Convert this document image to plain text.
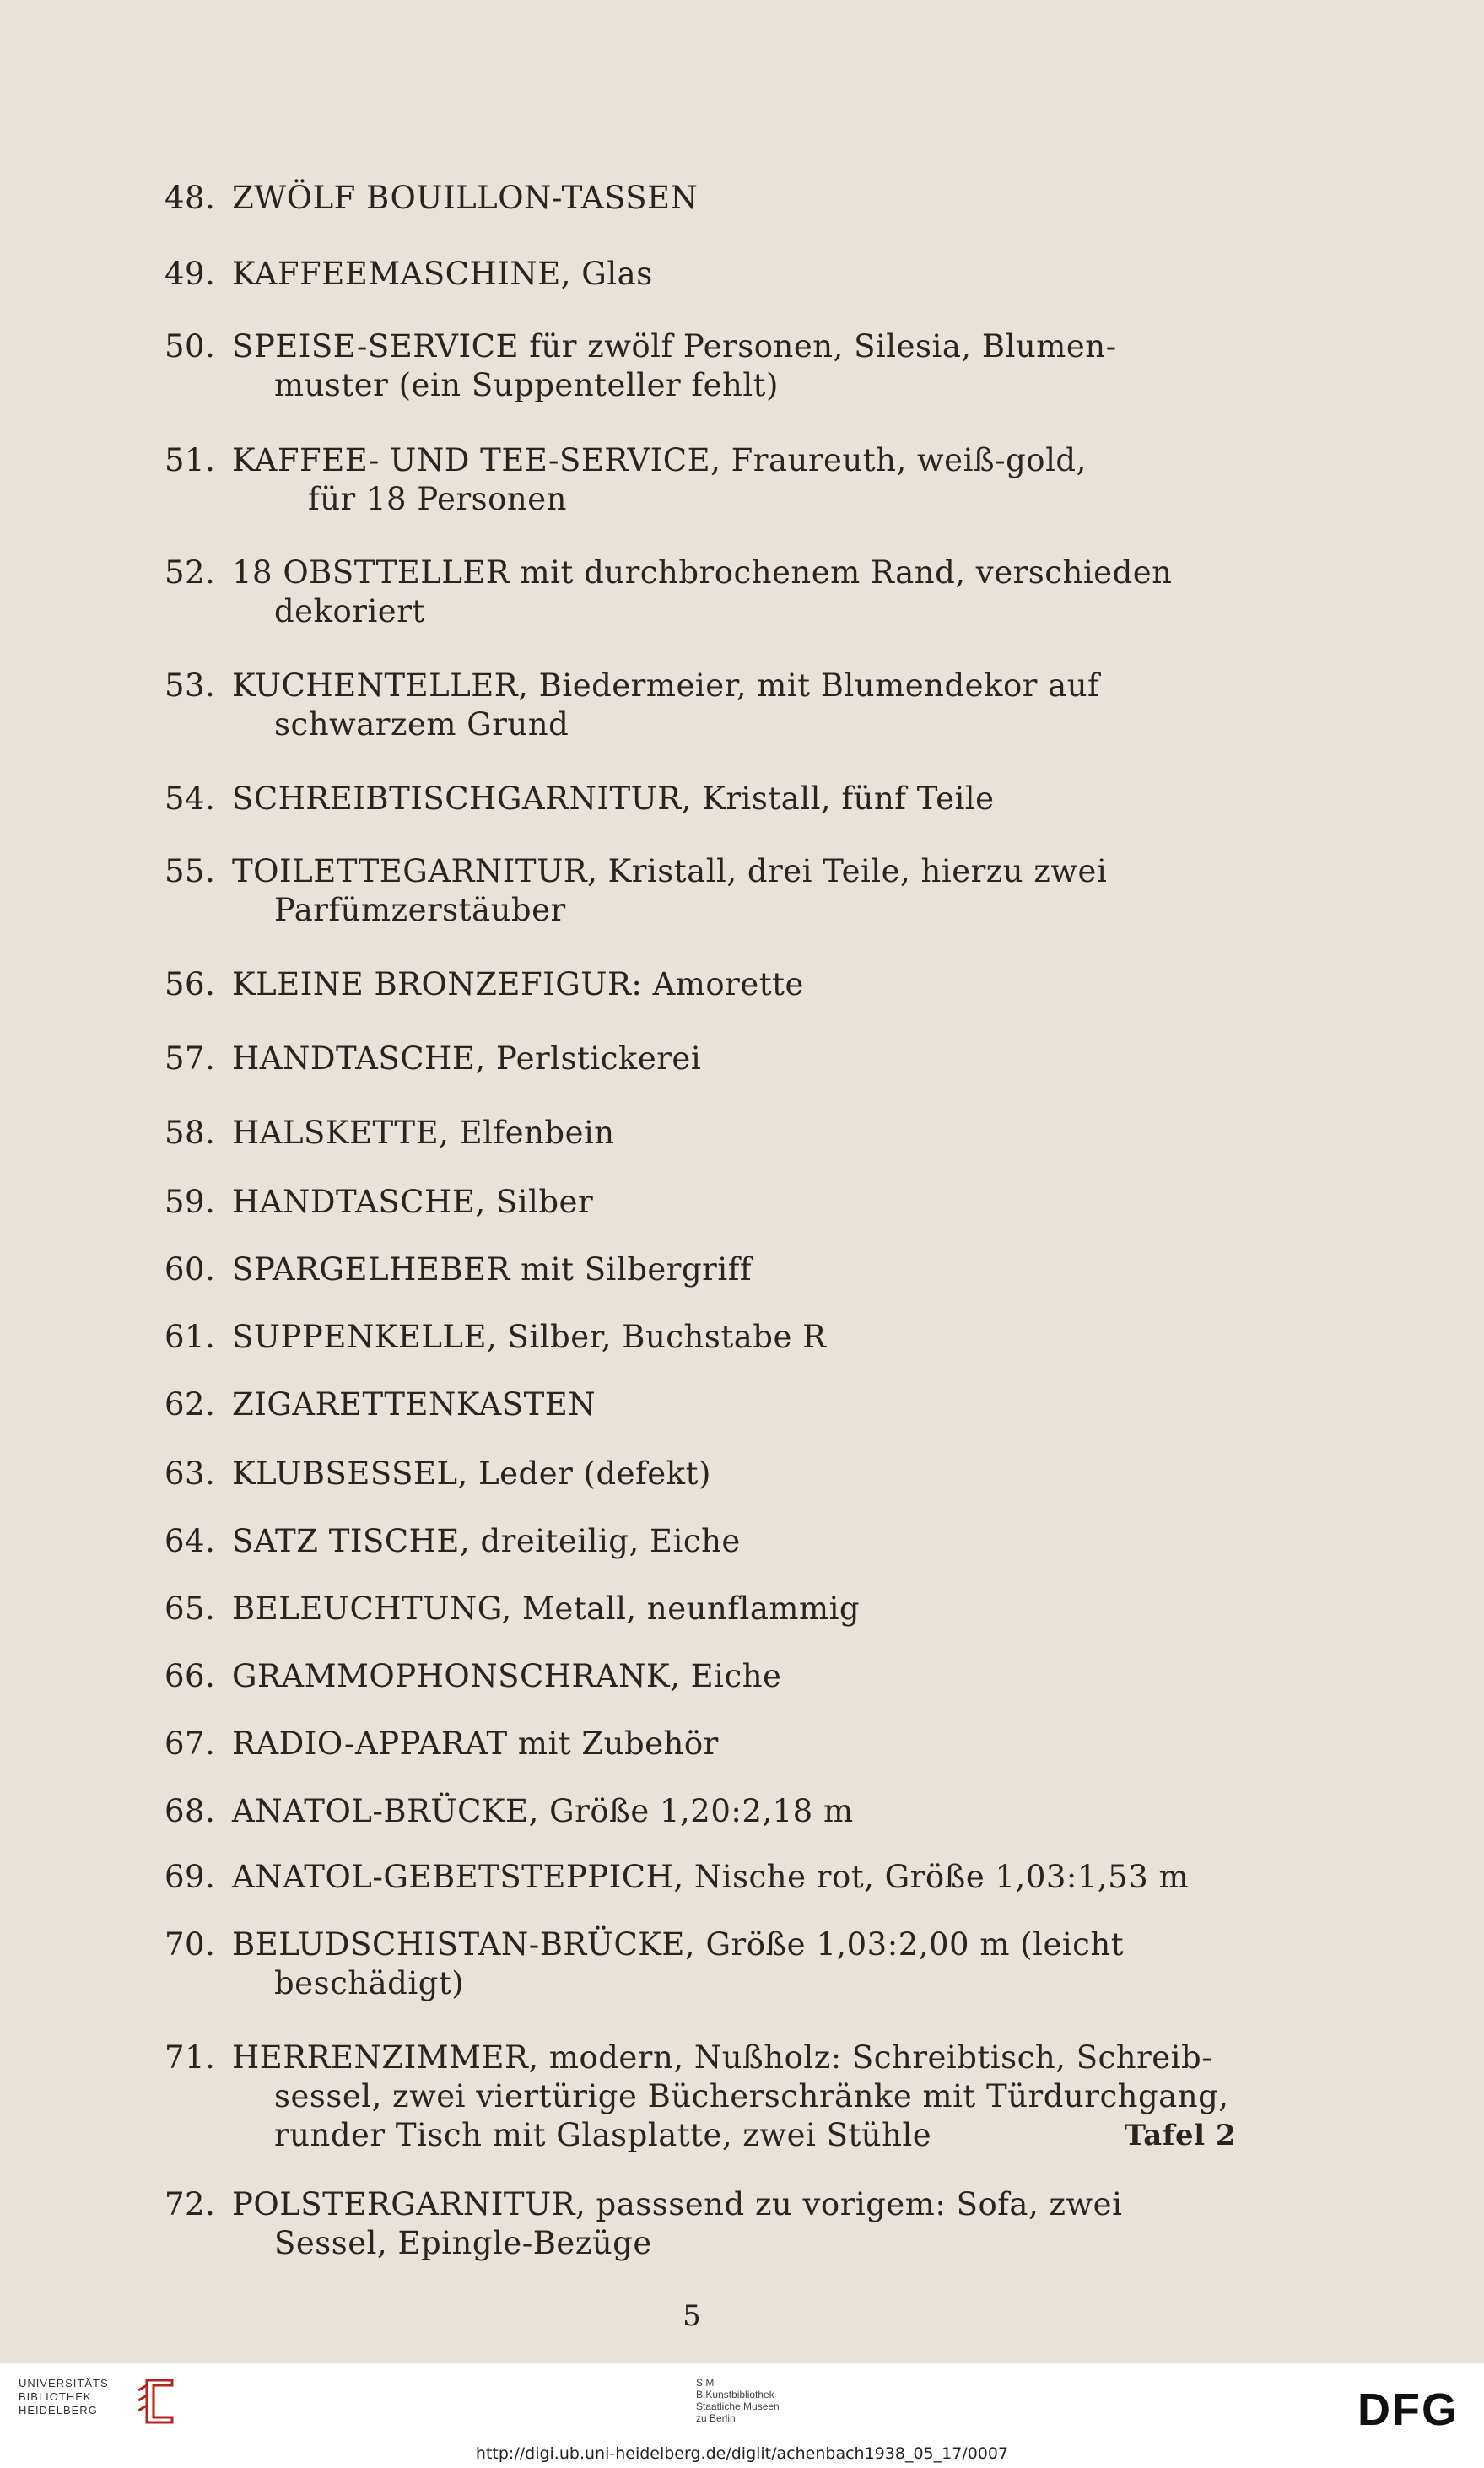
48. ZWÖLF BOUILLON-TASSEN
49. KAFFEEMASCHINE, Glas
50. SPEISE-SERVICE für zwölf Personen, Silesia, Blumen-
muster (ein Suppenteller fehlt)
51. KAFFEE- UND TEE-SERVICE, Fraureuth, weiß-gold,
für 18 Personen
52. 18 OBSTTELLER mit durchbrochenem Rand, verschieden
dekoriert
53. KUCHENTELLER, Biedermeier, mit Blumendekor auf
schwarzem Grund
54. SCHREIBTISCHGARNITUR, Kristall, fünf Teile
55. TOILETTEGARNITUR, Kristall, drei Teile, hierzu zwei
Parfümzerstäuber
56. KLEINE BRONZEFIGUR: Amorette
57. HANDTASCHE, Perlstickerei
58. HALSKETTE, Elfenbein
59. HANDTASCHE, Silber
60. SPARGELHEBER mit Silbergriff
61. SUPPENKELLE, Silber, Buchstabe R
62. ZIGARETTENKASTEN
63. KLUBSESSEL, Leder (defekt)
64. SATZ TISCHE, dreiteilig, Eiche
65. BELEUCHTUNG, Metall, neunflammig
66. GRAMMOPHONSCHRANK, Eiche
67. RADIO-APPARAT mit Zubehör
68. ANATOL-BRÜCKE, Größe 1,20:2,18 m
69. ANATOL-GEBETSTEPPICH, Nische rot, Größe 1,03:1,53 m
70. BELUDSCHISTAN-BRÜCKE, Größe 1,03:2,00 m (leicht
beschädigt)
71. HERRENZIMMER, modern, Nußholz: Schreibtisch, Schreib-
sessel, zwei viertürige Bücherschränke mit Türdurchgang,
runder Tisch mit Glasplatte, zwei Stühle	Tafel 2
72. POLSTERGARNITUR, passsend zu vorigem: Sofa, zwei
Sessel, Epingle-Bezüge
5
UNIVERSITÄTS-
BIBLIOTHEK
HEIDELBERG
S M
B Kunstbibliothek
Staatliche Museen
zu Berlin	DFG
http://digi.ub.uni-heidelberg.de/diglit/achenbach1938_05_17/0007
